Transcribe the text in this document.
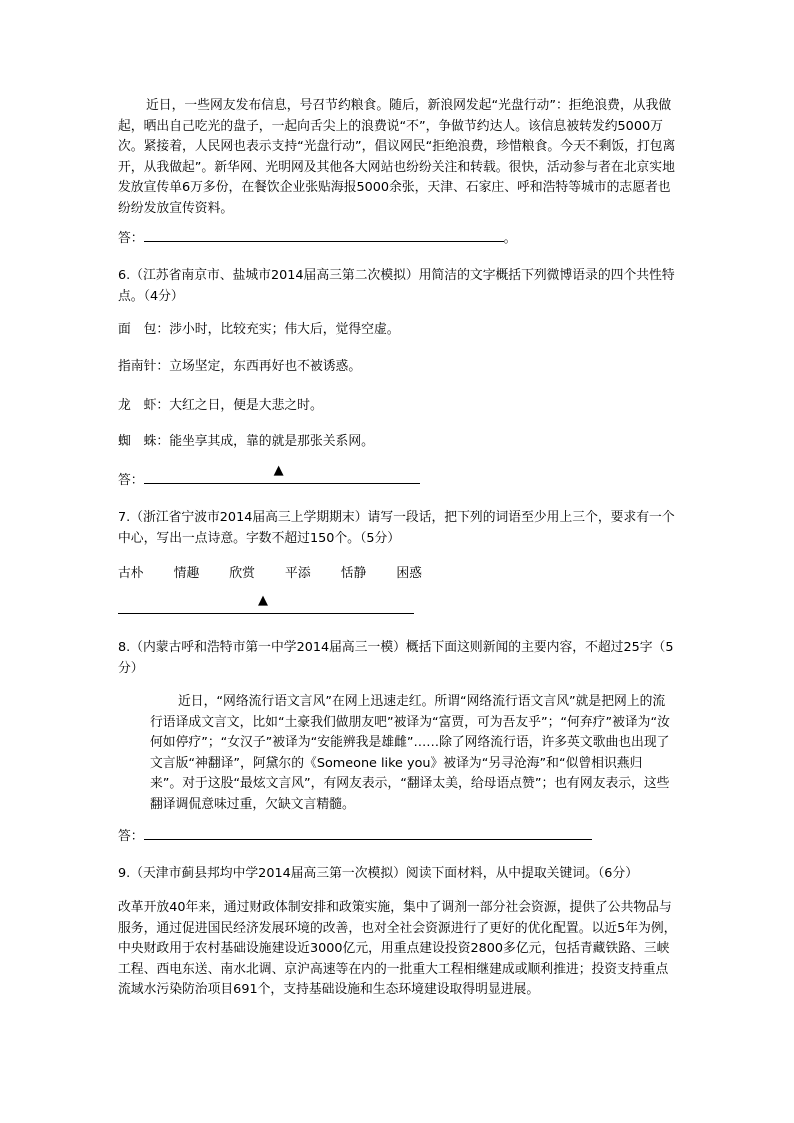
近日，一些网友发布信息，号召节约粮食。随后，新浪网发起“光盘行动”：拒绝浪费，从我做起，晒出自己吃光的盘子，一起向舌尖上的浪费说“不”，争做节约达人。该信息被转发约5000万次。紧接着，人民网也表示支持“光盘行动”，倡议网民“拒绝浪费，珍惜粮食。今天不剩饭，打包离开，从我做起”。新华网、光明网及其他各大网站也纷纷关注和转载。很快，活动参与者在北京实地发放宣传单6万多份，在餐饮企业张贴海报5000余张，天津、石家庄、呼和浩特等城市的志愿者也纷纷发放宣传资料。

答：	。

6.（江苏省南京市、盐城市2014届高三第二次模拟）用简洁的文字概括下列微博语录的四个共性特点。（4分）

面　包：涉小时，比较充实；伟大后，觉得空虚。
指南针：立场坚定，东西再好也不被诱惑。
龙　虾：大红之日，便是大悲之时。
蜘　蛛：能坐享其成，靠的就是那张关系网。
答：
▲

7.（浙江省宁波市2014届高三上学期期末）请写一段话，把下列的词语至少用上三个，要求有一个中心，写出一点诗意。字数不超过150个。（5分）

古朴 情趣 欣赏 平添 恬静 困惑
▲

8.（内蒙古呼和浩特市第一中学2014届高三一模）概括下面这则新闻的主要内容，不超过25字（5分）

近日，“网络流行语文言风”在网上迅速走红。所谓“网络流行语文言风”就是把网上的流行语译成文言文，比如“土豪我们做朋友吧”被译为“富贾，可为吾友乎”；“何弃疗”被译为“汝何如停疗”；“女汉子”被译为“安能辨我是雄雌”……除了网络流行语，许多英文歌曲也出现了文言版“神翻译”，阿黛尔的《Someone like you》被译为“另寻沧海”和“似曾相识燕归来”。对于这股“最炫文言风”，有网友表示，“翻译太美，给母语点赞”；也有网友表示，这些翻译调侃意味过重，欠缺文言精髓。

答：

9.（天津市蓟县邦均中学2014届高三第一次模拟）阅读下面材料，从中提取关键词。（6分）

改革开放40年来，通过财政体制安排和政策实施，集中了调剂一部分社会资源，提供了公共物品与服务，通过促进国民经济发展环境的改善，也对全社会资源进行了更好的优化配置。以近5年为例，中央财政用于农村基础设施建设近3000亿元，用重点建设投资2800多亿元，包括青藏铁路、三峡工程、西电东送、南水北调、京沪高速等在内的一批重大工程相继建成或顺利推进；投资支持重点流域水污染防治项目691个，支持基础设施和生态环境建设取得明显进展。
